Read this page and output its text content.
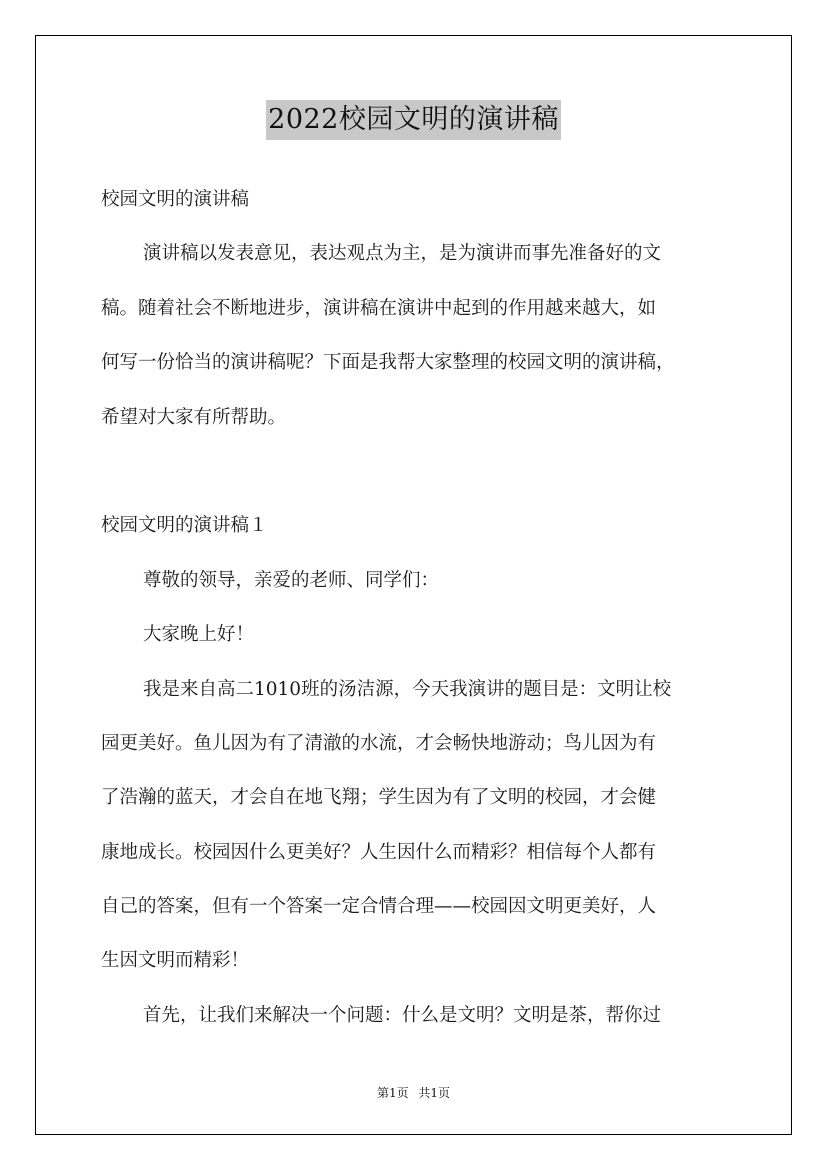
2022校园文明的演讲稿
校园文明的演讲稿
演讲稿以发表意见，表达观点为主，是为演讲而事先准备好的文
稿。随着社会不断地进步，演讲稿在演讲中起到的作用越来越大，如
何写一份恰当的演讲稿呢？下面是我帮大家整理的校园文明的演讲稿，
希望对大家有所帮助。
校园文明的演讲稿１
尊敬的领导，亲爱的老师、同学们：
大家晚上好！
我是来自高二1010班的汤洁源，今天我演讲的题目是：文明让校
园更美好。鱼儿因为有了清澈的水流，才会畅快地游动；鸟儿因为有
了浩瀚的蓝天，才会自在地飞翔；学生因为有了文明的校园，才会健
康地成长。校园因什么更美好？人生因什么而精彩？相信每个人都有
自己的答案，但有一个答案一定合情合理——校园因文明更美好，人
生因文明而精彩！
首先，让我们来解决一个问题：什么是文明？文明是茶，帮你过
第1页 共1页
